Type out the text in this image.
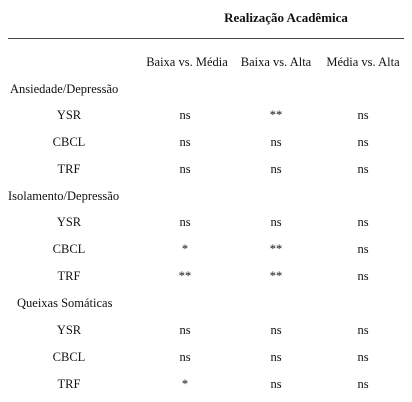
Realização Acadêmica
Baixa vs. Média	Baixa vs. Alta	Média vs. Alta
Ansiedade/Depressão
YSR	ns	**	ns
CBCL	ns	ns	ns
TRF	ns	ns	ns
Isolamento/Depressão
YSR	ns	ns	ns
CBCL	*	**	ns
TRF	**	**	ns
Queixas Somáticas
YSR	ns	ns	ns
CBCL	ns	ns	ns
TRF	*	ns	ns
